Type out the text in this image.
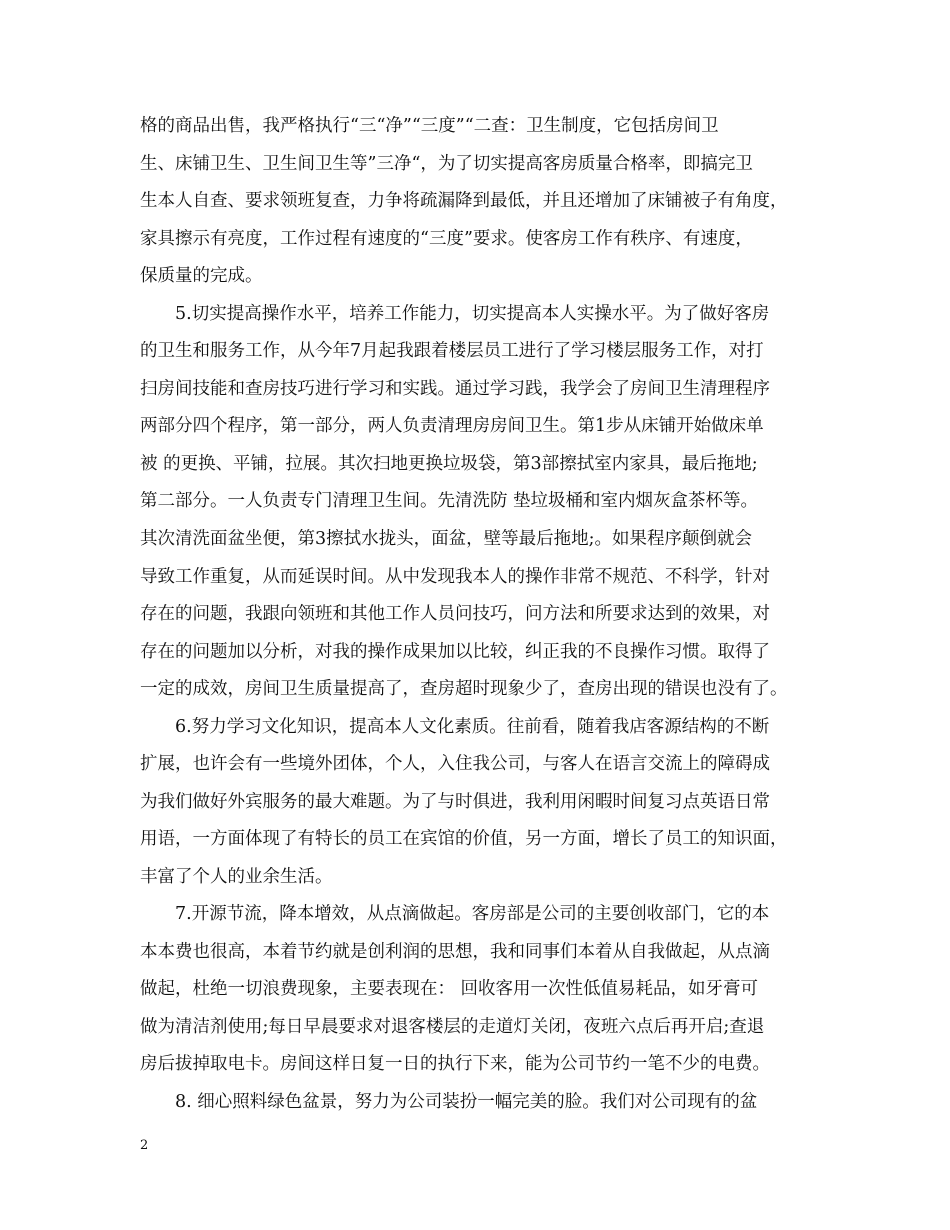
格的商品出售，我严格执行“三“净”“三度”“二查：卫生制度，它包括房间卫
生、床铺卫生、卫生间卫生等”三净“，为了切实提高客房质量合格率，即搞完卫
生本人自查、要求领班复查，力争将疏漏降到最低，并且还增加了床铺被子有角度，
家具擦示有亮度，工作过程有速度的“三度”要求。使客房工作有秩序、有速度，
保质量的完成。
5.切实提高操作水平，培养工作能力，切实提高本人实操水平。为了做好客房
的卫生和服务工作，从今年7月起我跟着楼层员工进行了学习楼层服务工作，对打
扫房间技能和查房技巧进行学习和实践。通过学习践，我学会了房间卫生清理程序
两部分四个程序，第一部分，两人负责清理房房间卫生。第1步从床铺开始做床单
被 的更换、平铺，拉展。其次扫地更换垃圾袋，第3部擦拭室内家具，最后拖地;
第二部分。一人负责专门清理卫生间。先清洗防 垫垃圾桶和室内烟灰盒茶杯等。
其次清洗面盆坐便，第3擦拭水拢头，面盆，壁等最后拖地;。如果程序颠倒就会
导致工作重复，从而延误时间。从中发现我本人的操作非常不规范、不科学，针对
存在的问题，我跟向领班和其他工作人员问技巧，问方法和所要求达到的效果，对
存在的问题加以分析，对我的操作成果加以比较，纠正我的不良操作习惯。取得了
一定的成效，房间卫生质量提高了，查房超时现象少了，查房出现的错误也没有了。
6.努力学习文化知识，提高本人文化素质。往前看，随着我店客源结构的不断
扩展，也许会有一些境外团体，个人，入住我公司，与客人在语言交流上的障碍成
为我们做好外宾服务的最大难题。为了与时俱进，我利用闲暇时间复习点英语日常
用语，一方面体现了有特长的员工在宾馆的价值，另一方面，增长了员工的知识面，
丰富了个人的业余生活。
7.开源节流，降本增效，从点滴做起。客房部是公司的主要创收部门，它的本
本本费也很高，本着节约就是创利润的思想，我和同事们本着从自我做起，从点滴
做起，杜绝一切浪费现象，主要表现在： 回收客用一次性低值易耗品，如牙膏可
做为清洁剂使用;每日早晨要求对退客楼层的走道灯关闭，夜班六点后再开启;查退
房后拔掉取电卡。房间这样日复一日的执行下来，能为公司节约一笔不少的电费。
8. 细心照料绿色盆景，努力为公司装扮一幅完美的脸。我们对公司现有的盆
2
